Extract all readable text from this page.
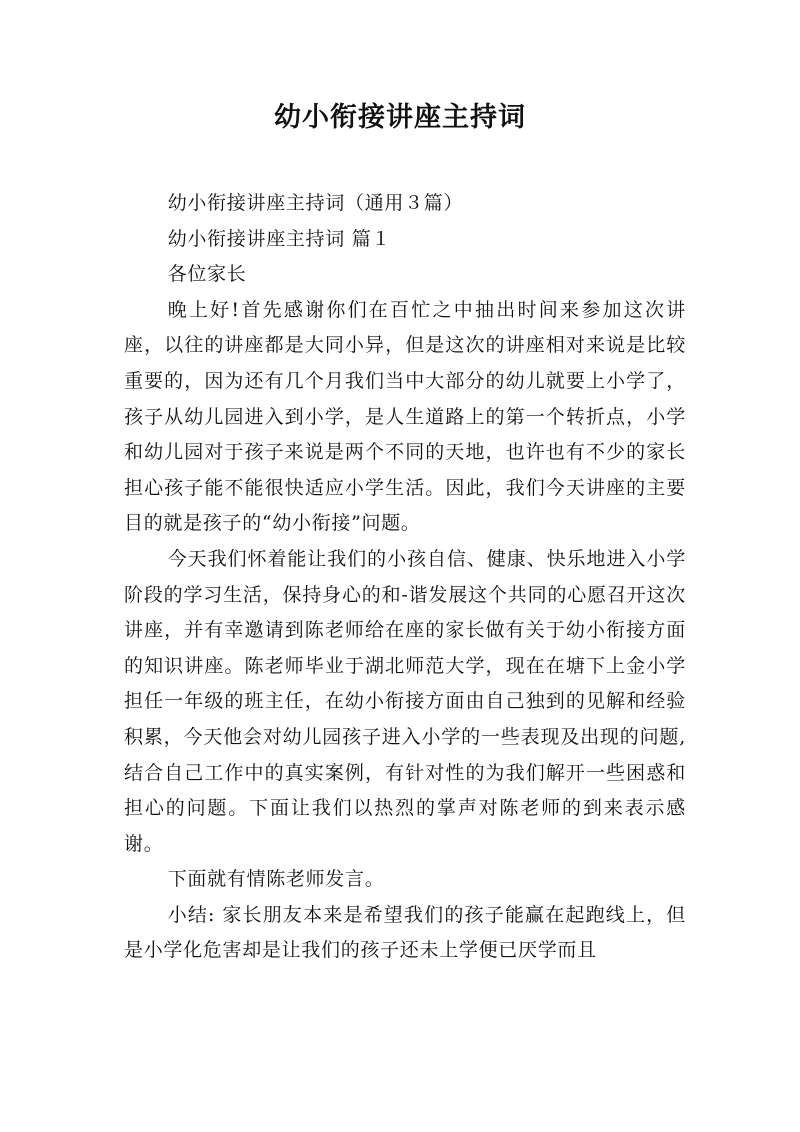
幼小衔接讲座主持词

幼小衔接讲座主持词（通用３篇）

幼小衔接讲座主持词 篇１

各位家长

晚上好!首先感谢你们在百忙之中抽出时间来参加这次讲座，以往的讲座都是大同小异，但是这次的讲座相对来说是比较重要的，因为还有几个月我们当中大部分的幼儿就要上小学了，孩子从幼儿园进入到小学，是人生道路上的第一个转折点，小学和幼儿园对于孩子来说是两个不同的天地，也许也有不少的家长担心孩子能不能很快适应小学生活。因此，我们今天讲座的主要目的就是孩子的“幼小衔接”问题。

今天我们怀着能让我们的小孩自信、健康、快乐地进入小学阶段的学习生活，保持身心的和-谐发展这个共同的心愿召开这次讲座，并有幸邀请到陈老师给在座的家长做有关于幼小衔接方面的知识讲座。陈老师毕业于湖北师范大学，现在在塘下上金小学担任一年级的班主任，在幼小衔接方面由自己独到的见解和经验积累，今天他会对幼儿园孩子进入小学的一些表现及出现的问题,结合自己工作中的真实案例，有针对性的为我们解开一些困惑和担心的问题。下面让我们以热烈的掌声对陈老师的到来表示感谢。

下面就有情陈老师发言。

小结: 家长朋友本来是希望我们的孩子能赢在起跑线上，但是小学化危害却是让我们的孩子还未上学便已厌学而且
